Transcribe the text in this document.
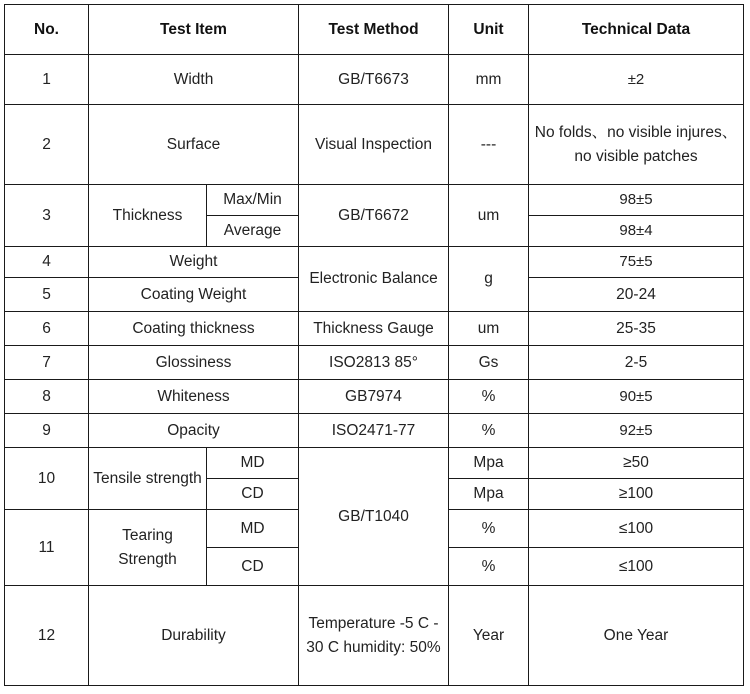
No.	Test Item		Test Method	Unit	Technical Data
1	Width		GB/T6673	mm	±2
2	Surface		Visual Inspection	---	No folds、no visible injures、no visible patches
3	Thickness	Max/Min	GB/T6672	um	98±5
		Average			98±4
4	Weight		Electronic Balance	g	75±5
5	Coating Weight				20-24
6	Coating thickness		Thickness Gauge	um	25-35
7	Glossiness		ISO2813 85°	Gs	2-5
8	Whiteness		GB7974	%	90±5
9	Opacity		ISO2471-77	%	92±5
10	Tensile strength	MD	GB/T1040	Mpa	≥50
		CD		Mpa	≥100
11	Tearing Strength	MD		%	≤100
		CD		%	≤100
12	Durability		Temperature -5 C - 30 C humidity: 50%	Year	One Year
